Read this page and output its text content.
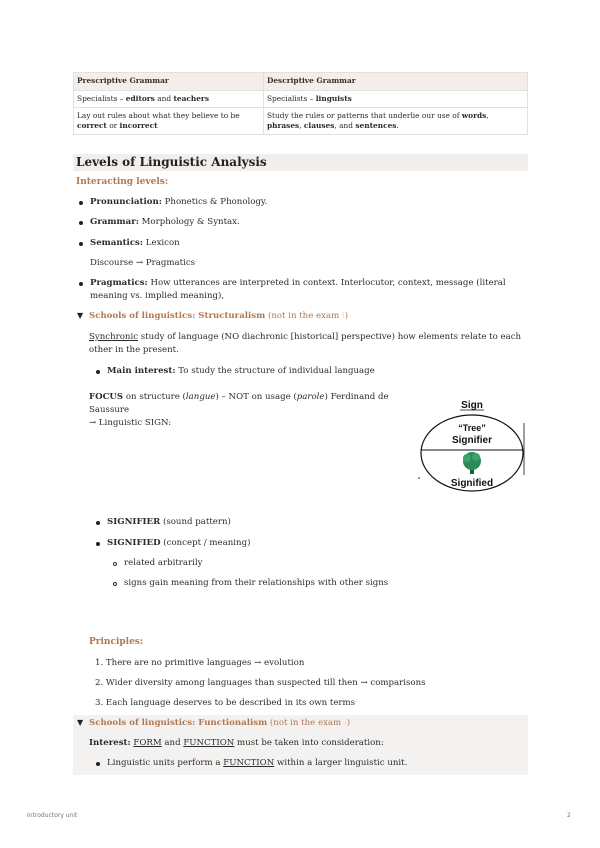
Prescriptive Grammar	Descriptive Grammar
Specialists – editors and teachers	Specialists – linguists
Lay out rules about what they believe to be correct or incorrect	Study the rules or patterns that underlie our use of words, phrases, clauses, and sentences.
Levels of Linguistic Analysis
Interacting levels:
Pronunciation: Phonetics & Phonology.
Grammar: Morphology & Syntax.
Semantics: Lexicon
Discourse → Pragmatics
Pragmatics: How utterances are interpreted in context. Interlocutor, context, message (literal
meaning vs. implied meaning),
▼ Schools of linguistics: Structuralism (not in the exam ⁝)
Synchronic study of language (NO diachronic [historical] perspective) how elements relate to each
other in the present.
Main interest: To study the structure of individual language
FOCUS on structure (langue) – NOT on usage (parole) Ferdinand de Saussure
→ Linguistic SIGN:
Sign
“Tree”
Signifier
Signified
SIGNIFIER (sound pattern)
SIGNIFIED (concept / meaning)
related arbitrarily
signs gain meaning from their relationships with other signs
Principles:
1. There are no primitive languages → evolution
2. Wider diversity among languages than suspected till then → comparisons
3. Each language deserves to be described in its own terms
▼ Schools of linguistics: Functionalism (not in the exam ⁝)
Interest: FORM and FUNCTION must be taken into consideration:
Linguistic units perform a FUNCTION within a larger linguistic unit.
Introductory unit	2
